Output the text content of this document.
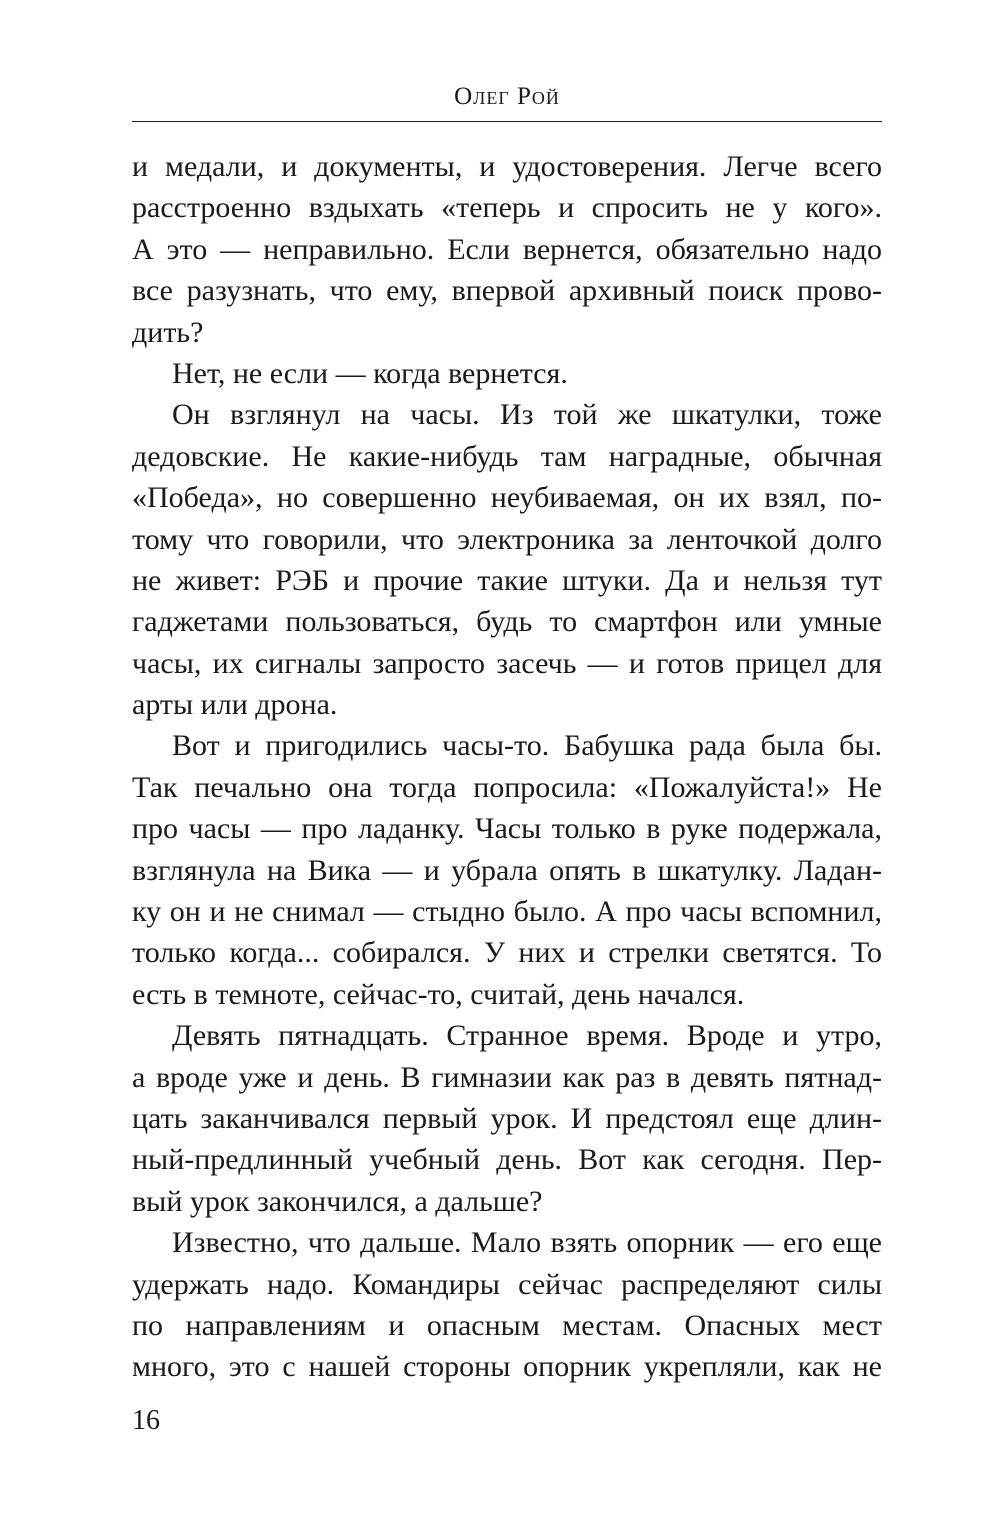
Олег Рой
и медали, и документы, и удостоверения. Легче всего
расстроенно вздыхать «теперь и спросить не у кого».
А это — неправильно. Если вернется, обязательно надо
все разузнать, что ему, впервой архивный поиск прово-
дить?
Нет, не если — когда вернется.
Он взглянул на часы. Из той же шкатулки, тоже
дедовские. Не какие-нибудь там наградные, обычная
«Победа», но совершенно неубиваемая, он их взял, по-
тому что говорили, что электроника за ленточкой долго
не живет: РЭБ и прочие такие штуки. Да и нельзя тут
гаджетами пользоваться, будь то смартфон или умные
часы, их сигналы запросто засечь — и готов прицел для
арты или дрона.
Вот и пригодились часы-то. Бабушка рада была бы.
Так печально она тогда попросила: «Пожалуйста!» Не
про часы — про ладанку. Часы только в руке подержала,
взглянула на Вика — и убрала опять в шкатулку. Ладан-
ку он и не снимал — стыдно было. А про часы вспомнил,
только когда... собирался. У них и стрелки светятся. То
есть в темноте, сейчас-то, считай, день начался.
Девять пятнадцать. Странное время. Вроде и утро,
а вроде уже и день. В гимназии как раз в девять пятнад-
цать заканчивался первый урок. И предстоял еще длин-
ный-предлинный учебный день. Вот как сегодня. Пер-
вый урок закончился, а дальше?
Известно, что дальше. Мало взять опорник — его еще
удержать надо. Командиры сейчас распределяют силы
по направлениям и опасным местам. Опасных мест
много, это с нашей стороны опорник укрепляли, как не
16
